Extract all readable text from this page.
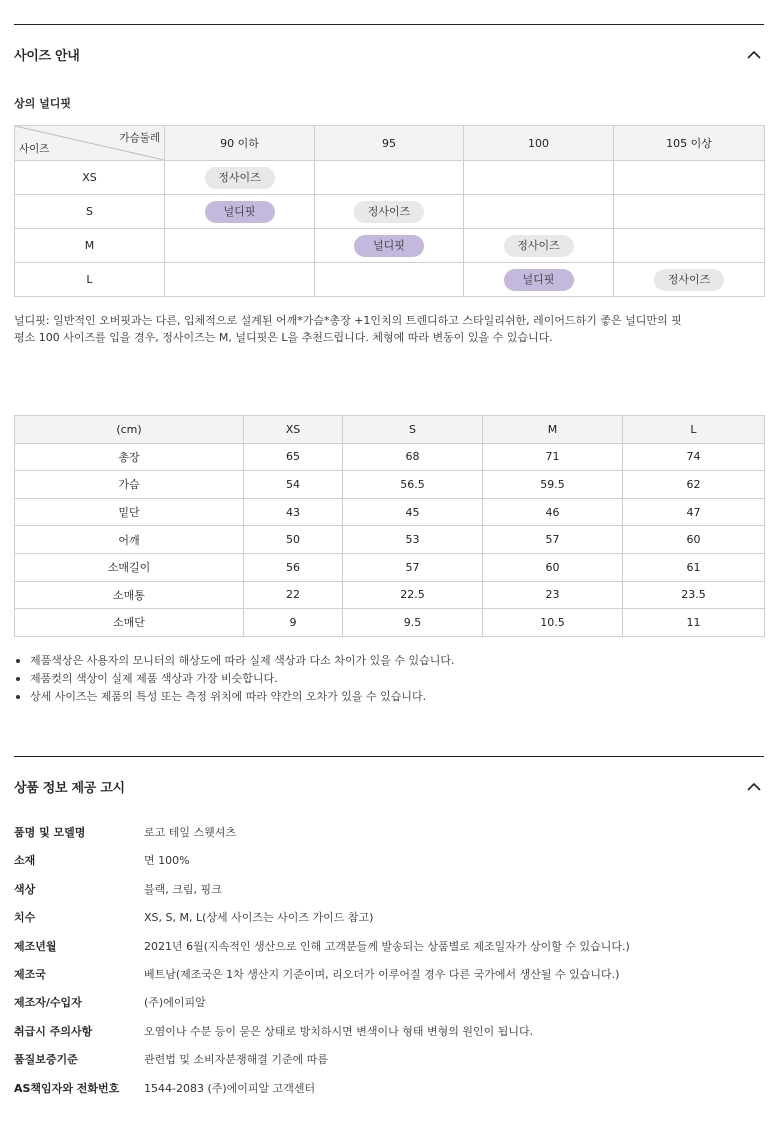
사이즈 안내
상의 널디핏
가슴둘레
사이즈	90 이하	95	100	105 이상
XS	정사이즈			
S	널디핏	정사이즈		
M		널디핏	정사이즈	
L			널디핏	정사이즈
널디핏: 일반적인 오버핏과는 다른, 입체적으로 설계된 어깨*가슴*총장 +1인치의 트렌디하고 스타일리쉬한, 레이어드하기 좋은 널디만의 핏
평소 100 사이즈를 입을 경우, 정사이즈는 M, 널디핏은 L을 추천드립니다. 체형에 따라 변동이 있을 수 있습니다.
(cm)	XS	S	M	L
총장	65	68	71	74
가슴	54	56.5	59.5	62
밑단	43	45	46	47
어깨	50	53	57	60
소매길이	56	57	60	61
소매통	22	22.5	23	23.5
소매단	9	9.5	10.5	11
제품색상은 사용자의 모니터의 해상도에 따라 실제 색상과 다소 차이가 있을 수 있습니다.
제품컷의 색상이 실제 제품 색상과 가장 비슷합니다.
상세 사이즈는 제품의 특성 또는 측정 위치에 따라 약간의 오차가 있을 수 있습니다.
상품 정보 제공 고시
품명 및 모델명	로고 테잎 스웻셔츠
소재	면 100%
색상	블랙, 크림, 핑크
치수	XS, S, M, L(상세 사이즈는 사이즈 가이드 참고)
제조년월	2021년 6월(지속적인 생산으로 인해 고객분들께 발송되는 상품별로 제조일자가 상이할 수 있습니다.)
제조국	베트남(제조국은 1차 생산지 기준이며, 리오더가 이루어질 경우 다른 국가에서 생산될 수 있습니다.)
제조자/수입자	(주)에이피알
취급시 주의사항	오염이나 수분 등이 묻은 상태로 방치하시면 변색이나 형태 변형의 원인이 됩니다.
품질보증기준	관련법 및 소비자분쟁해결 기준에 따름
AS책임자와 전화번호	1544-2083 (주)에이피알 고객센터
